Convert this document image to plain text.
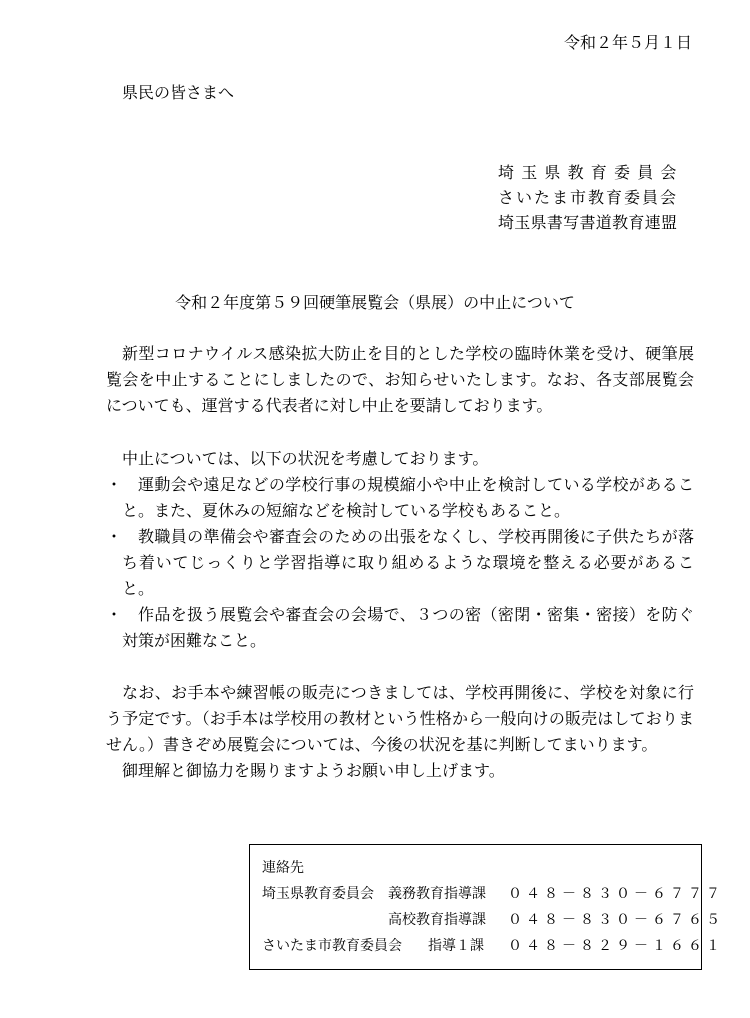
令和２年５月１日
県民の皆さまへ
埼玉県教育委員会
さいたま市教育委員会
埼玉県書写書道教育連盟
令和２年度第５９回硬筆展覧会（県展）の中止について
新型コロナウイルス感染拡大防止を目的とした学校の臨時休業を受け、硬筆展覧会を中止することにしましたので、お知らせいたします。なお、各支部展覧会についても、運営する代表者に対し中止を要請しております。
中止については、以下の状況を考慮しております。
・ 運動会や遠足などの学校行事の規模縮小や中止を検討している学校があること。また、夏休みの短縮などを検討している学校もあること。
・ 教職員の準備会や審査会のための出張をなくし、学校再開後に子供たちが落ち着いてじっくりと学習指導に取り組めるような環境を整える必要があること。
・ 作品を扱う展覧会や審査会の会場で、３つの密（密閉・密集・密接）を防ぐ対策が困難なこと。
なお、お手本や練習帳の販売につきましては、学校再開後に、学校を対象に行う予定です。（お手本は学校用の教材という性格から一般向けの販売はしておりません。）書きぞめ展覧会については、今後の状況を基に判断してまいります。
御理解と御協力を賜りますようお願い申し上げます。
連絡先
埼玉県教育委員会 義務教育指導課 ０４８－８３０－６７７７
高校教育指導課 ０４８－８３０－６７６５
さいたま市教育委員会 指導１課 ０４８－８２９－１６６１
